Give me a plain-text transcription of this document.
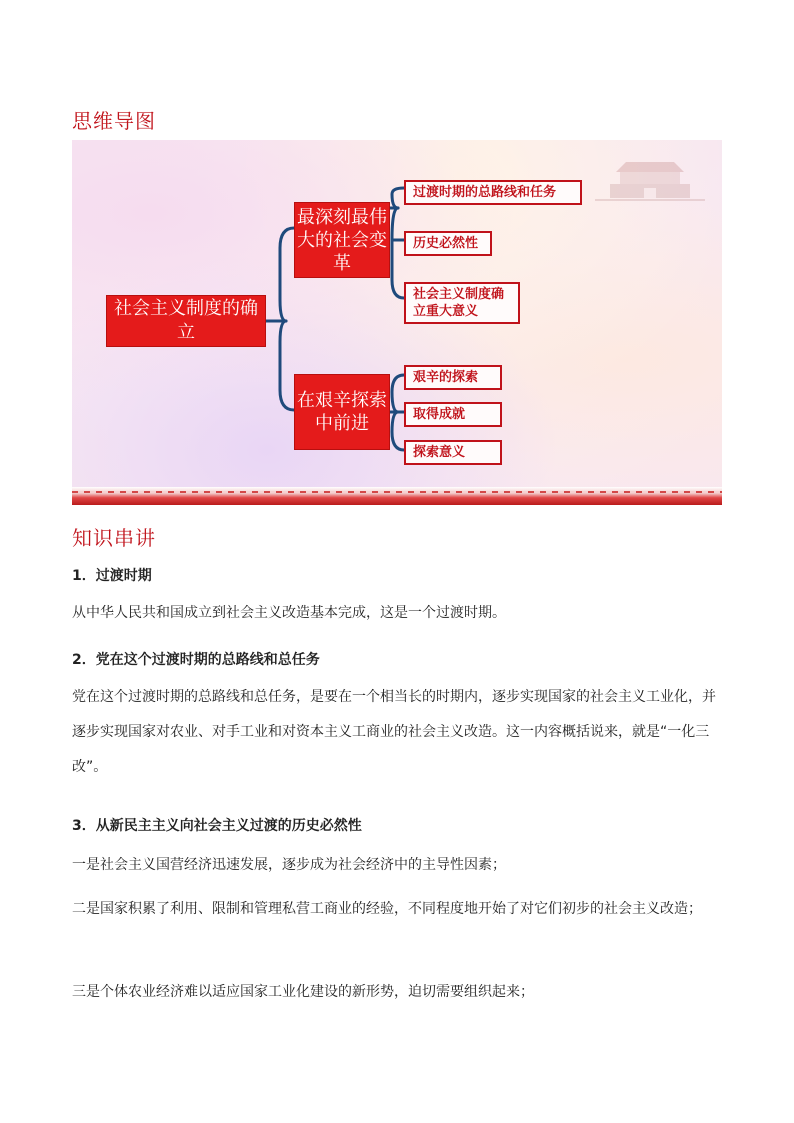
思维导图
社会主义制度的确立
最深刻最伟大的社会变革
在艰辛探索中前进
过渡时期的总路线和任务
历史必然性
社会主义制度确立重大意义
艰辛的探索
取得成就
探索意义
知识串讲

1．过渡时期

从中华人民共和国成立到社会主义改造基本完成，这是一个过渡时期。

2．党在这个过渡时期的总路线和总任务

党在这个过渡时期的总路线和总任务，是要在一个相当长的时期内，逐步实现国家的社会主义工业化，并逐步实现国家对农业、对手工业和对资本主义工商业的社会主义改造。这一内容概括说来，就是“一化三改”。

3．从新民主主义向社会主义过渡的历史必然性

一是社会主义国营经济迅速发展，逐步成为社会经济中的主导性因素；

二是国家积累了利用、限制和管理私营工商业的经验，不同程度地开始了对它们初步的社会主义改造；

三是个体农业经济难以适应国家工业化建设的新形势，迫切需要组织起来；
